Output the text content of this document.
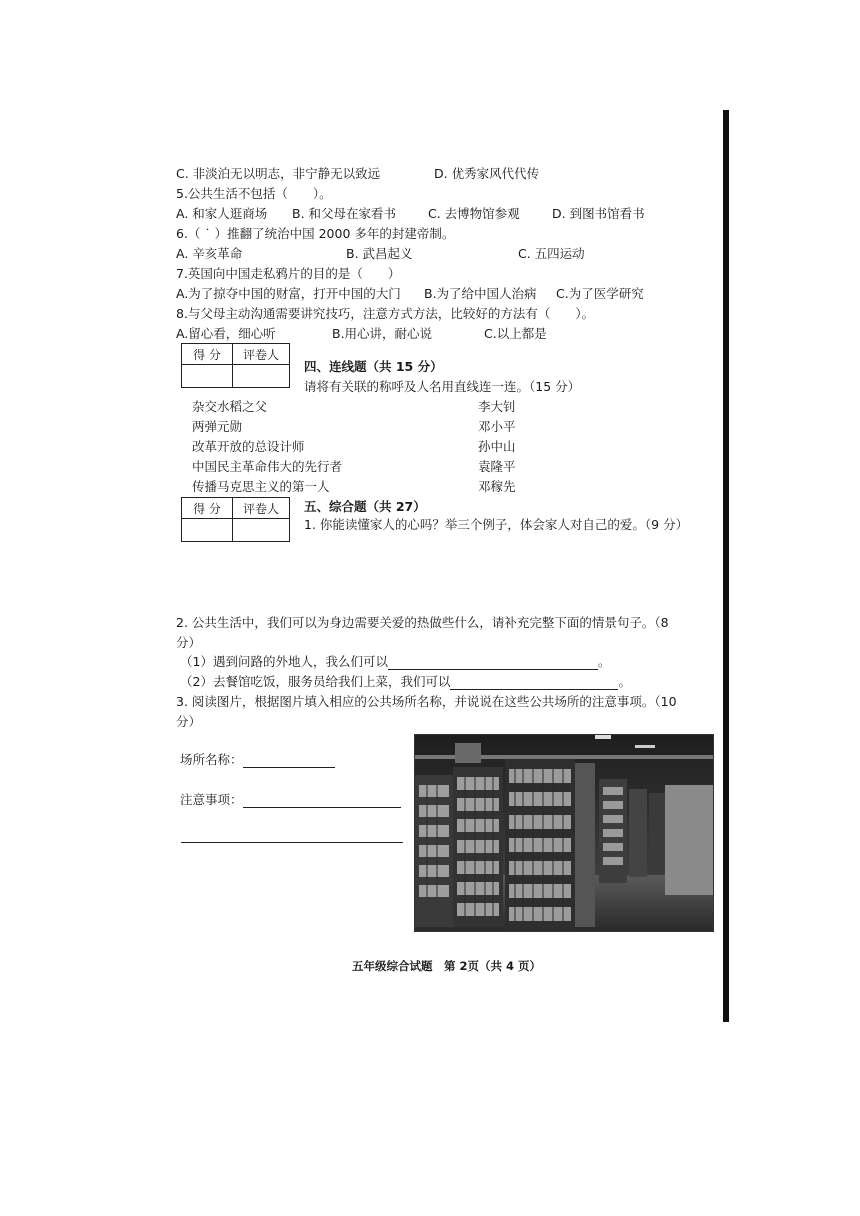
C. 非淡泊无以明志，非宁静无以致远	D. 优秀家风代代传
5.公共生活不包括（　　）。
A. 和家人逛商场 B. 和父母在家看书	C. 去博物馆参观	D. 到图书馆看书
6.（ ˙ ）推翻了统治中国 2000 多年的封建帝制。
A. 辛亥革命	B. 武昌起义	C. 五四运动
7.英国向中国走私鸦片的目的是（　　）
A.为了掠夺中国的财富，打开中国的大门 B.为了给中国人治病 C.为了医学研究
8.与父母主动沟通需要讲究技巧，注意方式方法，比较好的方法有（　　）。
A.留心看，细心听	B.用心讲，耐心说	C.以上都是
得 分	评卷人

四、连线题（共 15 分）
请将有关联的称呼及人名用直线连一连。（15 分）
杂交水稻之父
两弹元勋
改革开放的总设计师
中国民主革命伟大的先行者
传播马克思主义的第一人
李大钊
邓小平
孙中山
袁隆平
邓稼先
得 分	评卷人
	五、综合题（共 27）
1. 你能读懂家人的心吗？举三个例子，体会家人对自己的爱。（9 分）
2. 公共生活中，我们可以为身边需要关爱的热做些什么，请补充完整下面的情景句子。（8
分）
（1）遇到问路的外地人，我么们可以	。
（2）去餐馆吃饭，服务员给我们上菜，我们可以	。
3. 阅读图片，根据图片填入相应的公共场所名称，并说说在这些公共场所的注意事项。（10
分）
场所名称：
注意事项：
五年级综合试题　第 2页（共 4 页）
